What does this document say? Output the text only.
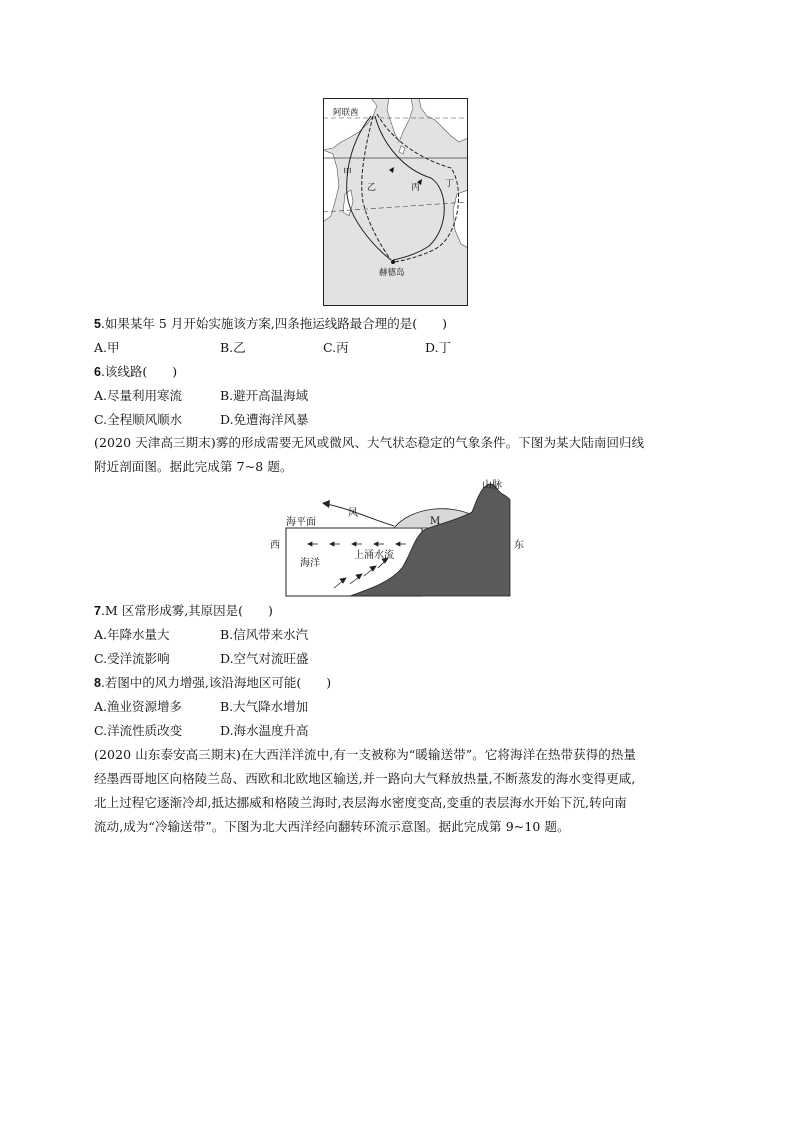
阿联酋
甲
乙	丙	丁
赫德岛
5.如果某年 5 月开始实施该方案,四条拖运线路最合理的是(　　)
A.甲	B.乙	C.丙	D.丁
6.该线路(　　)
A.尽量利用寒流	B.避开高温海域
C.全程顺风顺水	D.免遭海洋风暴
(2020 天津高三期末)雾的形成需要无风或微风、大气状态稳定的气象条件。下图为某大陆南回归线
附近剖面图。据此完成第 7~8 题。
山脉
风
海平面	M
西	东
海洋
上涌水流
7.M 区常形成雾,其原因是(　　)
A.年降水量大	B.信风带来水汽
C.受洋流影响	D.空气对流旺盛
8.若图中的风力增强,该沿海地区可能(　　)
A.渔业资源增多	B.大气降水增加
C.洋流性质改变	D.海水温度升高
(2020 山东泰安高三期末)在大西洋洋流中,有一支被称为“暖输送带”。它将海洋在热带获得的热量
经墨西哥地区向格陵兰岛、西欧和北欧地区输送,并一路向大气释放热量,不断蒸发的海水变得更咸,
北上过程它逐渐冷却,抵达挪威和格陵兰海时,表层海水密度变高,变重的表层海水开始下沉,转向南
流动,成为“冷输送带”。下图为北大西洋经向翻转环流示意图。据此完成第 9~10 题。
